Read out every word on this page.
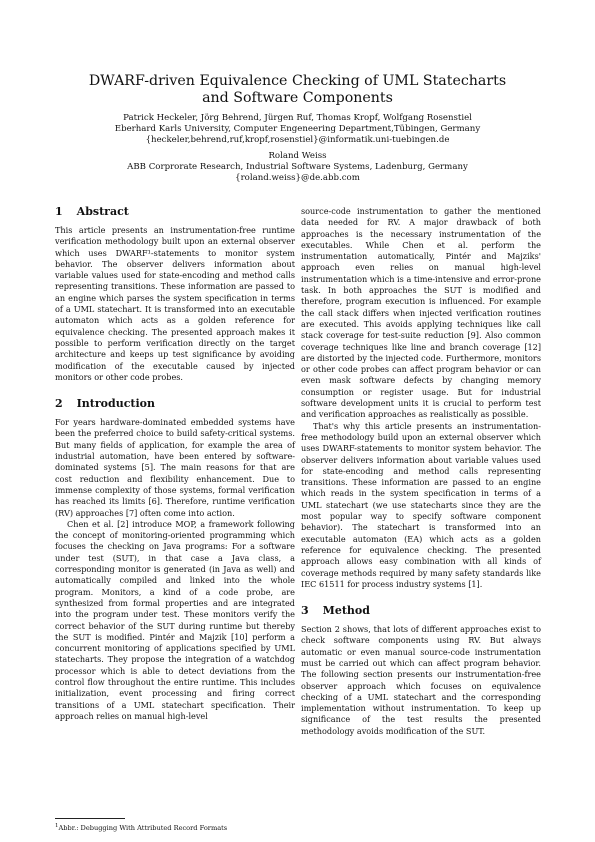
DWARF-driven Equivalence Checking of UML Statecharts
and Software Components
Patrick Heckeler, Jörg Behrend, Jürgen Ruf, Thomas Kropf, Wolfgang Rosenstiel
Eberhard Karls University, Computer Engeneering Department,Tübingen, Germany
{heckeler,behrend,ruf,kropf,rosenstiel}@informatik.uni-tuebingen.de
Roland Weiss
ABB Corprorate Research, Industrial Software Systems, Ladenburg, Germany
{roland.weiss}@de.abb.com
1 Abstract

This article presents an instrumentation-free runtime verification methodology built upon an external observer which uses DWARF¹-statements to monitor system behavior. The observer delivers information about variable values used for state-encoding and method calls representing transitions. These information are passed to an engine which parses the system specification in terms of a UML statechart. It is transformed into an executable automaton which acts as a golden reference for equivalence checking. The presented approach makes it possible to perform verification directly on the target architecture and keeps up test significance by avoiding modification of the executable caused by injected monitors or other code probes.

2 Introduction

For years hardware-dominated embedded systems have been the preferred choice to build safety-critical systems. But many fields of application, for example the area of industrial automation, have been entered by software-dominated systems [5]. The main reasons for that are cost reduction and flexibility enhancement. Due to immense complexity of those systems, formal verification has reached its limits [6]. Therefore, runtime verification (RV) approaches [7] often come into action.

Chen et al. [2] introduce MOP, a framework following the concept of monitoring-oriented programming which focuses the checking on Java programs: For a software under test (SUT), in that case a Java class, a corresponding monitor is generated (in Java as well) and automatically compiled and linked into the whole program. Monitors, a kind of a code probe, are synthesized from formal properties and are integrated into the program under test. These monitors verify the correct behavior of the SUT during runtime but thereby the SUT is modified. Pintér and Majzik [10] perform a concurrent monitoring of applications specified by UML statecharts. They propose the integration of a watchdog processor which is able to detect deviations from the control flow throughout the entire runtime. This includes initialization, event processing and firing correct transitions of a UML statechart specification. Their approach relies on manual high-level

source-code instrumentation to gather the mentioned data needed for RV. A major drawback of both approaches is the necessary instrumentation of the executables. While Chen et al. perform the instrumentation automatically, Pintér and Majziks' approach even relies on manual high-level instrumentation which is a time-intensive and error-prone task. In both approaches the SUT is modified and therefore, program execution is influenced. For example the call stack differs when injected verification routines are executed. This avoids applying techniques like call stack coverage for test-suite reduction [9]. Also common coverage techniques like line and branch coverage [12] are distorted by the injected code. Furthermore, monitors or other code probes can affect program behavior or can even mask software defects by changing memory consumption or register usage. But for industrial software development units it is crucial to perform test and verification approaches as realistically as possible.

That's why this article presents an instrumentation-free methodology build upon an external observer which uses DWARF-statements to monitor system behavior. The observer delivers information about variable values used for state-encoding and method calls representing transitions. These information are passed to an engine which reads in the system specification in terms of a UML statechart (we use statecharts since they are the most popular way to specify software component behavior). The statechart is transformed into an executable automaton (EA) which acts as a golden reference for equivalence checking. The presented approach allows easy combination with all kinds of coverage methods required by many safety standards like IEC 61511 for process industry systems [1].

3 Method

Section 2 shows, that lots of different approaches exist to check software components using RV. But always automatic or even manual source-code instrumentation must be carried out which can affect program behavior. The following section presents our instrumentation-free observer approach which focuses on equivalence checking of a UML statechart and the corresponding implementation without instrumentation. To keep up significance of the test results the presented methodology avoids modification of the SUT.

$^1$Abbr.: Debugging With Attributed Record Formats
